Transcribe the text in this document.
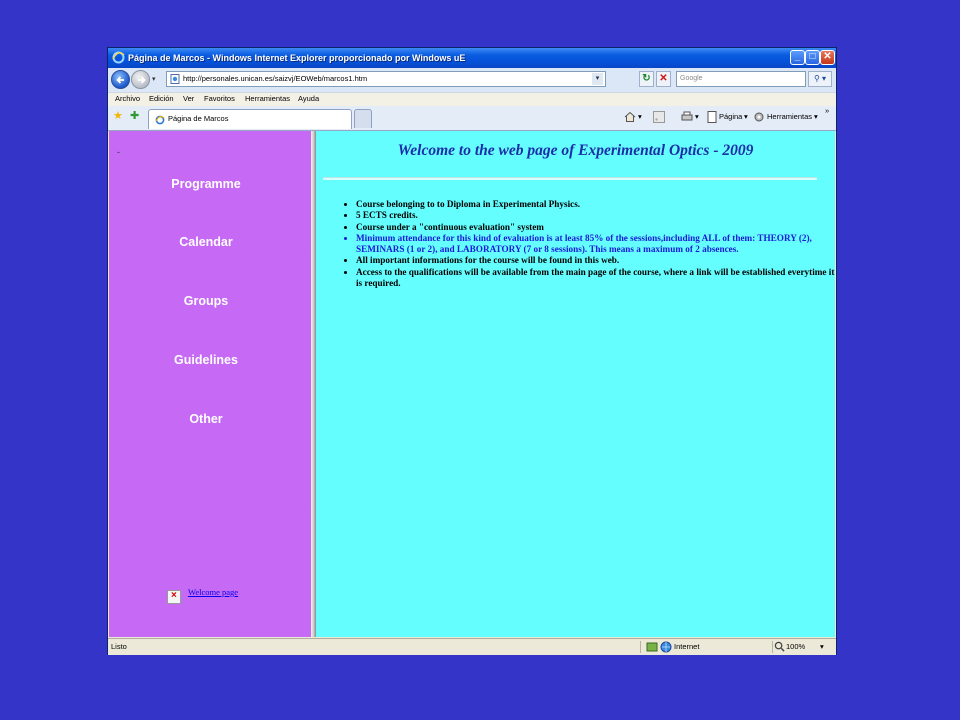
Página de Marcos - Windows Internet Explorer proporcionado por Windows uE	_ □ ✕
▾	http://personales.unican.es/saizvj/EOWeb/marcos1.htm	▾	↻ ✕	Google	⚲ ▾
Archivo Edición Ver Favoritos Herramientas Ayuda
★ ✚	Página de Marcos	▾	▾	Página ▾	Herramientas ▾
»
-
Programme
Calendar
Groups
Guidelines
Other
×
Welcome page
Welcome to the web page of Experimental Optics - 2009
• Course belonging to to Diploma in Experimental Physics.
• 5 ECTS credits.
• Course under a "continuous evaluation" system
• Minimum attendance for this kind of evaluation is at least 85% of the sessions,including ALL of them: THEORY (2), SEMINARS (1 or 2), and LABORATORY (7 or 8 sessions). This means a maximum of 2 absences.
• All important informations for the course will be found in this web.
• Access to the qualifications will be available from the main page of the course, where a link will be established everytime it is required.
Listo	Internet	100% ▾
